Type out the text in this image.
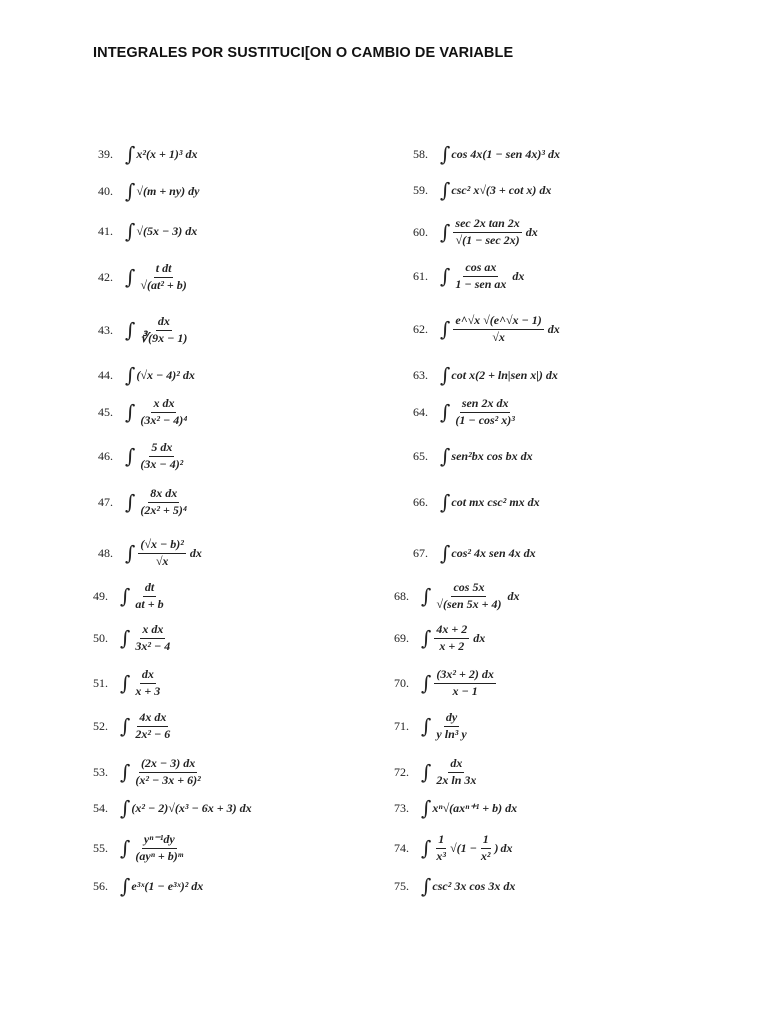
INTEGRALES POR SUSTITUCI[ON O CAMBIO DE VARIABLE
39. ∫ x²(x + 1)³ dx
40. ∫ √(m + ny) dy
41. ∫ √(5x − 3) dx
42. ∫ $\frac{\text{t dt}}{\text{√(at² + b)}}$
43. ∫ $\frac{dx}{∛(9x - 1)}$
44. ∫ (√x − 4)² dx
45. ∫ $\frac{\text{x dx}}{\text{(3x² − 4)⁴}}$
46. ∫ $\frac{5 dx}{\text{(3x − 4)²}}$
47. ∫ $\frac{\text{8x dx}}{\text{(2x² + 5)⁴}}$
48. ∫ $\frac{\text{(√x − b)²}}{√x}$ dx
49. ∫ $\frac{dt}{at + b}$
50. ∫ $\frac{\text{x dx}}{\text{3x² − 4}}$
51. ∫ $\frac{dx}{x + 3}$
52. ∫ $\frac{\text{4x dx}}{\text{2x² − 6}}$
53. ∫ $\frac{(2x - 3) dx}{\text{(x² − 3x + 6)²}}$
54. ∫ (x² − 2)√(x³ − 6x + 3) dx
55. ∫ $\frac{\text{yⁿ⁻¹dy}}{\text{(ayⁿ + b)ᵐ}}$
56. ∫ e³ˣ(1 − e³ˣ)² dx
58. ∫ cos 4x(1 − sen 4x)³ dx
59. ∫ csc² x√(3 + cot x) dx
60. ∫ $\frac{\text{sec 2x tan 2x}}{√(1 - \sec 2x)}$ dx
61. ∫ $\frac{\text{cos ax}}{\text{1 − sen ax}}$ dx
62. ∫ $\frac{e\^{}√x √(e\^{}√x - 1)}{√x}$ dx
63. ∫ cot x(2 + ln|sen x|) dx
64. ∫ $\frac{\text{sen 2x dx}}{\text{(1 − cos² x)³}}$
65. ∫ sen²bx cos bx dx
66. ∫ cot mx csc² mx dx
67. ∫ cos² 4x sen 4x dx
68. ∫ $\frac{\cos 5x}{\text{√(sen 5x + 4)}}$ dx
69. ∫ $\frac{4x + 2}{x + 2}$ dx
70. ∫ $\frac{\text{(3x² + 2) dx}}{x - 1}$
71. ∫ $\frac{dy}{\text{y ln³ y}}$
72. ∫ $\frac{dx}{\text{2x ln 3x}}$
73. ∫ xⁿ√(axⁿ⁺¹ + b) dx
74. ∫ $\frac{1}{\text{x³}} √(1 - \frac{1}{\text{x²}}$ ) dx
75. ∫ csc² 3x cos 3x dx
